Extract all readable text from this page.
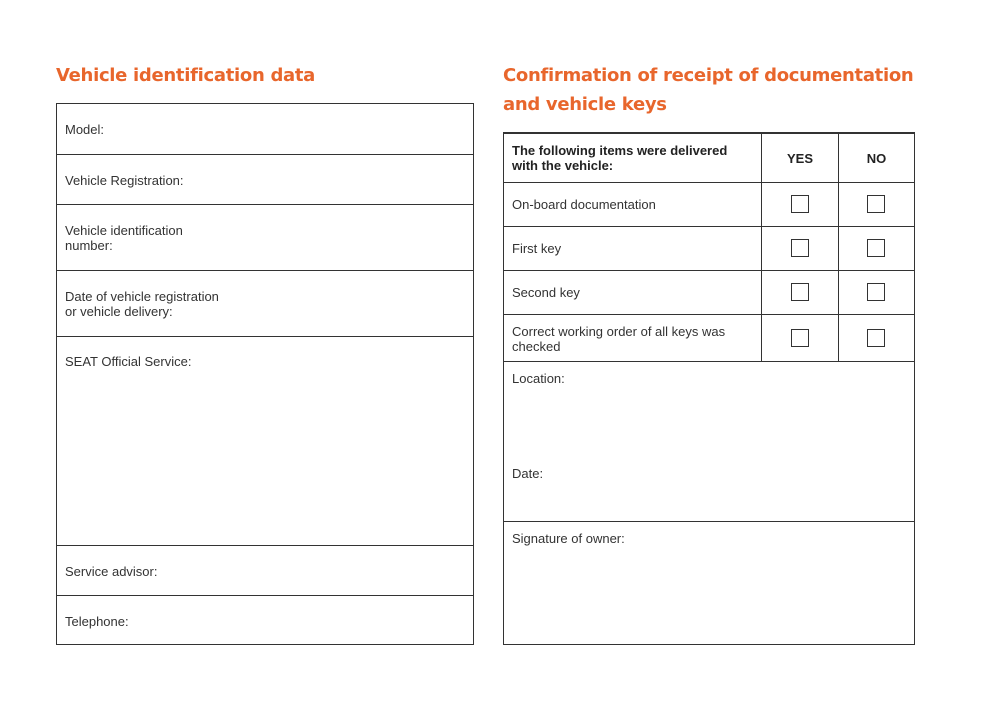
Vehicle identification data
Model:
Vehicle Registration:
Vehicle identification
number:
Date of vehicle registration
or vehicle delivery:
SEAT Official Service:
Service advisor:
Telephone:
Confirmation of receipt of documentation
and vehicle keys
The following items were delivered
with the vehicle:	YES	NO
On-board documentation
First key
Second key
Correct working order of all keys was
checked
Location:
Date:
Signature of owner:
